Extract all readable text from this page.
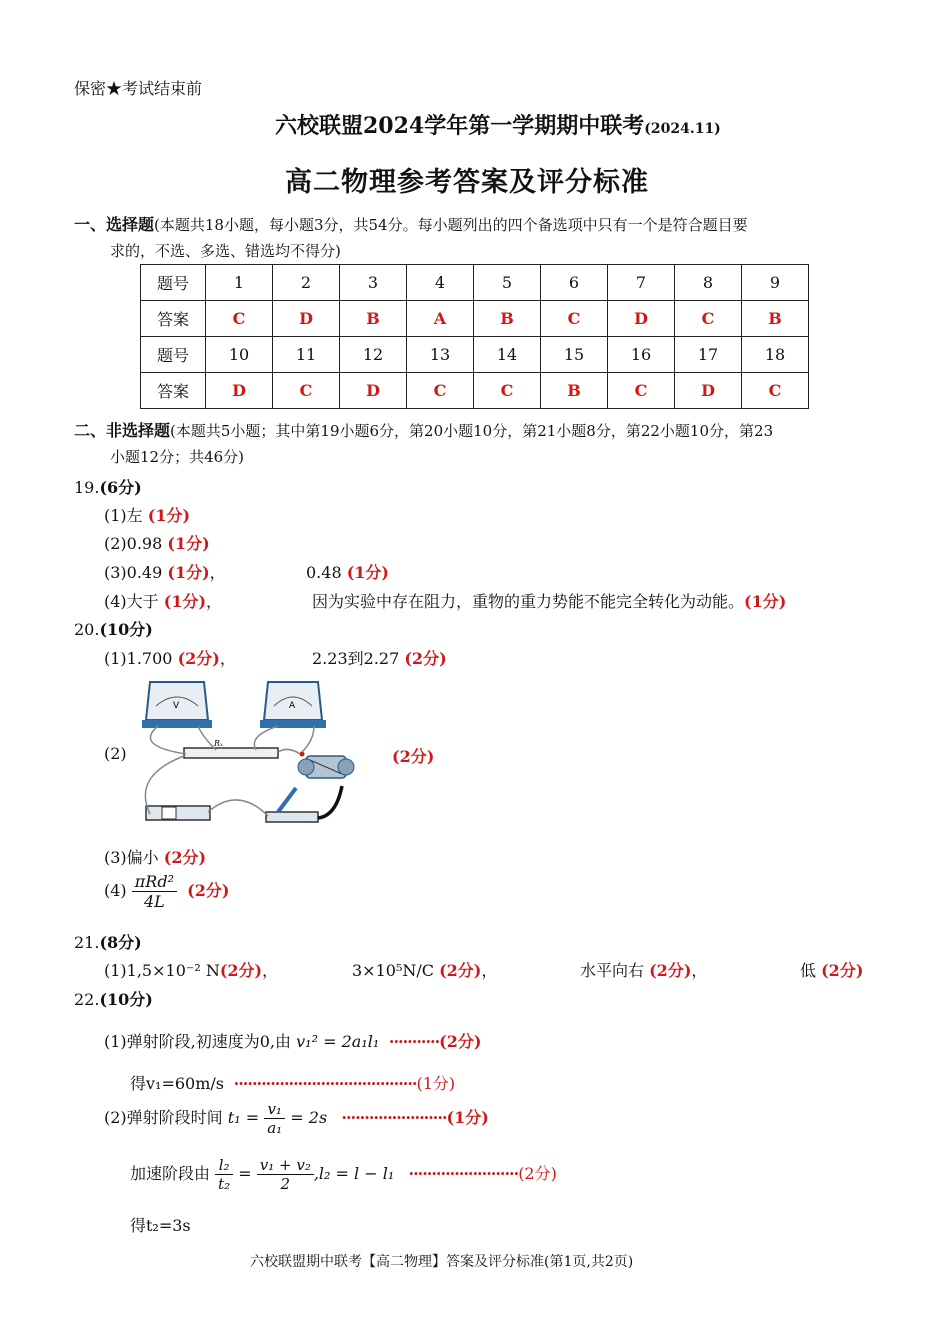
保密★考试结束前
六校联盟2024学年第一学期期中联考(2024.11)
高二物理参考答案及评分标准
一、选择题(本题共18小题，每小题3分，共54分。每小题列出的四个备选项中只有一个是符合题目要
求的，不选、多选、错选均不得分)
题号	1	2	3	4	5	6	7	8	9
答案	C	D	B	A	B	C	D	C	B
题号	10	11	12	13	14	15	16	17	18
答案	D	C	D	C	C	B	C	D	C
二、非选择题(本题共5小题；其中第19小题6分，第20小题10分，第21小题8分，第22小题10分，第23
小题12分；共46分)
19.(6分)
(1)左 (1分)
(2)0.98 (1分)
(3)0.49 (1分)，	0.48 (1分)
(4)大于 (1分)，	因为实验中存在阻力，重物的重力势能不能完全转化为动能。(1分)
20.(10分)
(1)1.700 (2分)，	2.23到2.27 (2分)
(2)	(2分)
V	A
Rₓ
(3)偏小 (2分)
$(4) \frac{\text{πRd²}}{4L} (2$分)
21.(8分)
(1)1,5×10⁻² N(2分)，	3×10⁵N/C (2分)，	水平向右 (2分)，	低 (2分)
22.(10分)
(1)弹射阶段,初速度为0,由 v₁² = 2a₁l₁  ···········(2分)
得v₁=60m/s  ········································(1分)
(2)弹射阶段时间 $t_1 = \frac{\text{v₁}}{\text{a₁}} = 2s \cdot\cdot\cdot\cdot\cdot\cdot\cdot\cdot\cdot\cdot\cdot\cdot\cdot\cdot\cdot\cdot\cdot\cdot\cdot\cdot\cdot\cdot\cdot(1$分)
加速阶段由 $\frac{\text{l₂}}{\text{t₂}} = \frac{\text{v₁ + v₂}}{2} ,l_2 = l - l_1 \cdot\cdot\cdot\cdot\cdot\cdot\cdot\cdot\cdot\cdot\cdot\cdot\cdot\cdot\cdot\cdot\cdot\cdot\cdot\cdot\cdot\cdot\cdot\cdot(2$分)
得t₂=3s
六校联盟期中联考【高二物理】答案及评分标准(第1页,共2页)
